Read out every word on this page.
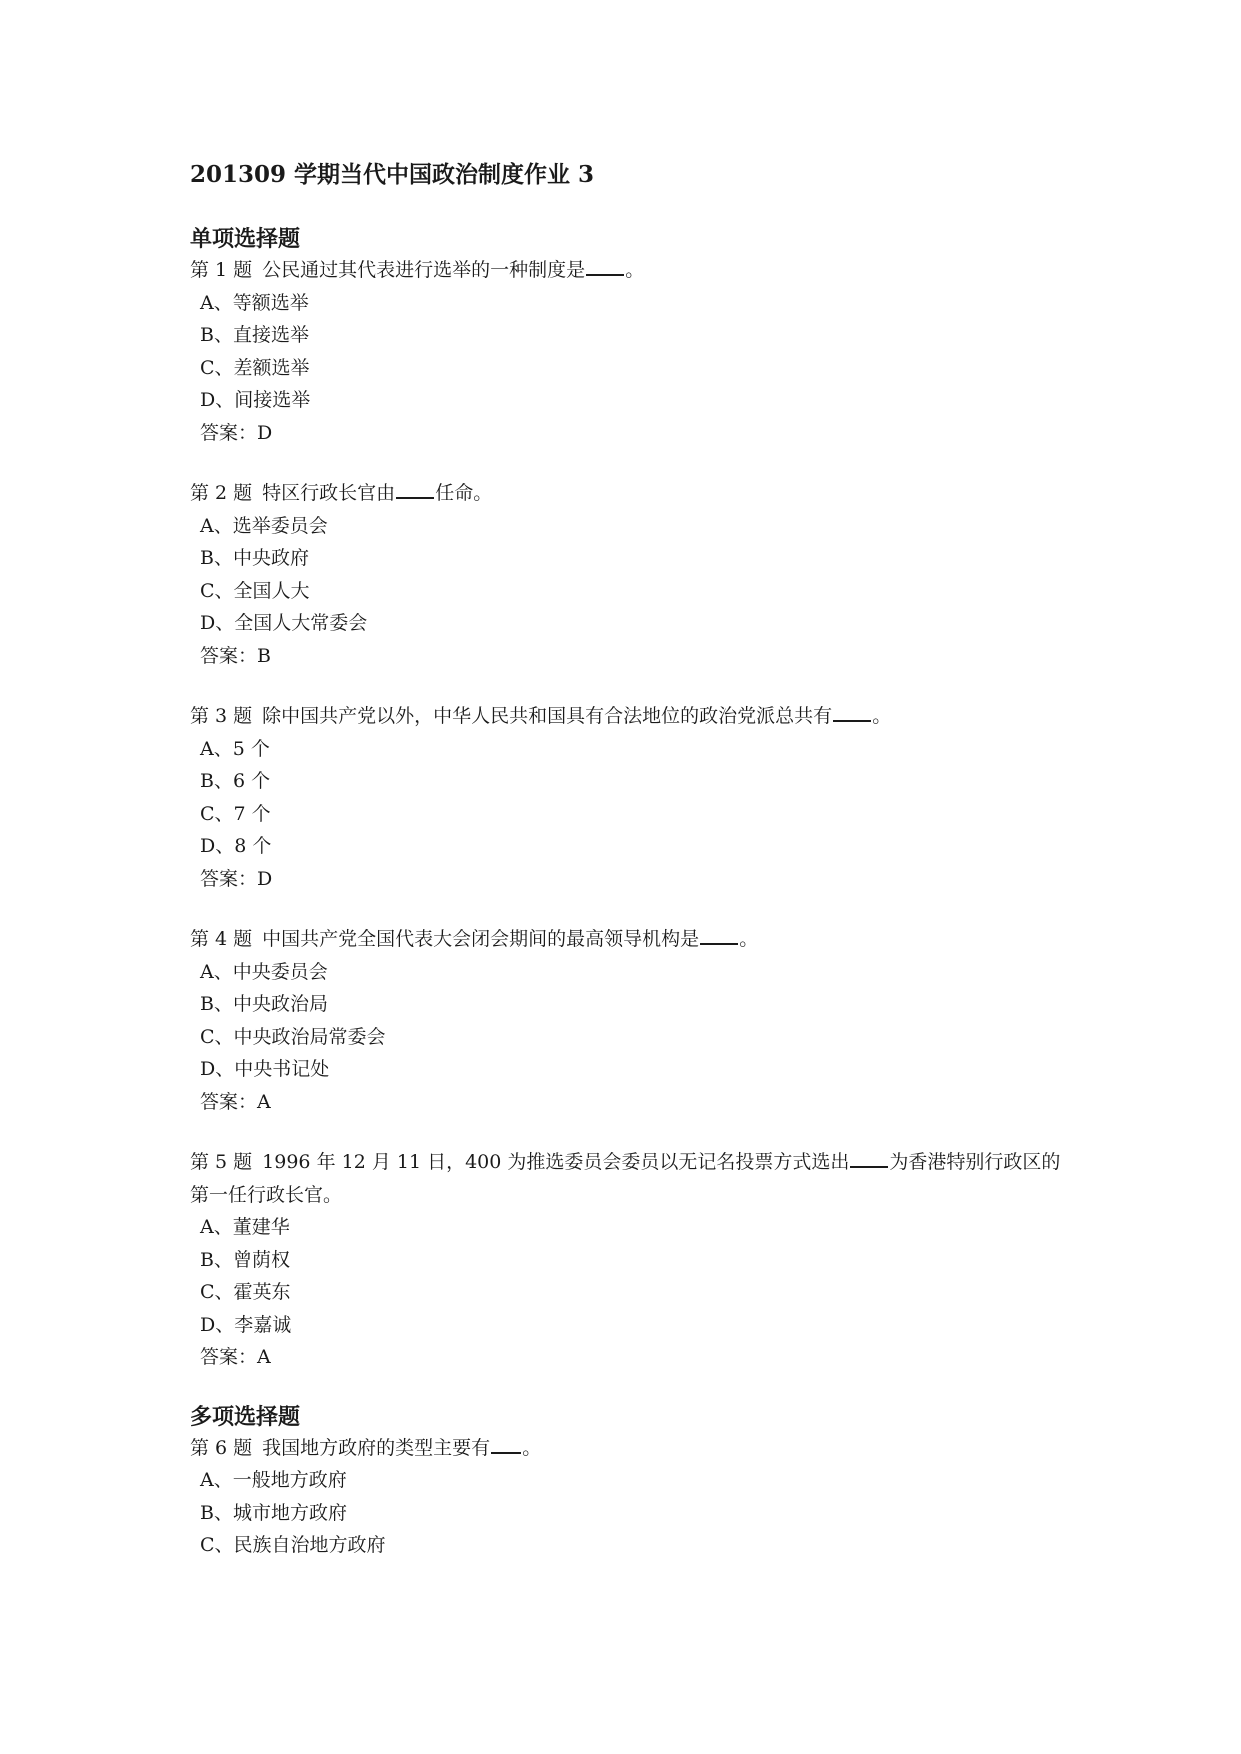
201309 学期当代中国政治制度作业 3
单项选择题

第 1 题 公民通过其代表进行选举的一种制度是 。

A、等额选举

B、直接选举

C、差额选举

D、间接选举

答案：D

第 2 题 特区行政长官由 任命。

A、选举委员会

B、中央政府

C、全国人大

D、全国人大常委会

答案：B

第 3 题 除中国共产党以外，中华人民共和国具有合法地位的政治党派总共有 。

A、5 个

B、6 个

C、7 个

D、8 个

答案：D

第 4 题 中国共产党全国代表大会闭会期间的最高领导机构是 。

A、中央委员会

B、中央政治局

C、中央政治局常委会

D、中央书记处

答案：A

第 5 题 1996 年 12 月 11 日，400 为推选委员会委员以无记名投票方式选出 为香港特别行政区的第一任行政长官。

A、董建华

B、曾荫权

C、霍英东

D、李嘉诚

答案：A

多项选择题

第 6 题 我国地方政府的类型主要有 。

A、一般地方政府

B、城市地方政府

C、民族自治地方政府
